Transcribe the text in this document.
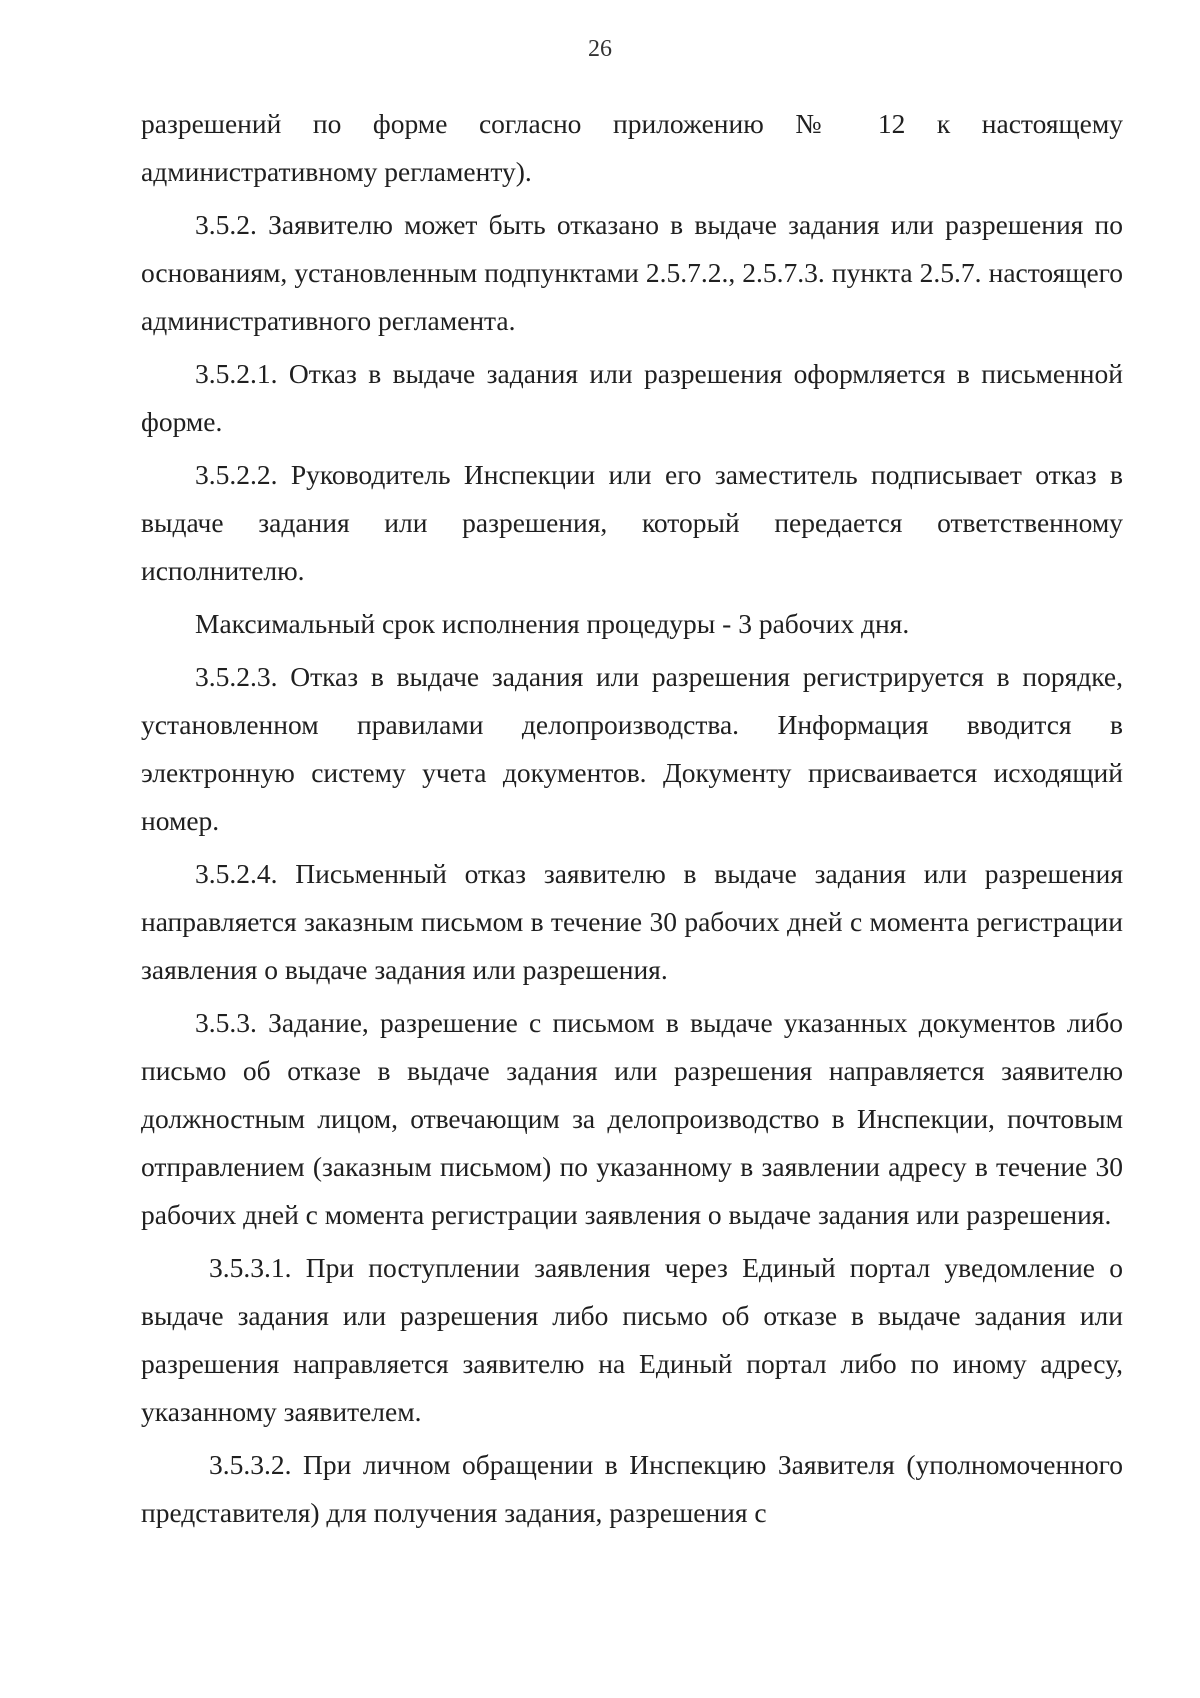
26

разрешений по форме согласно приложению № 12 к настоящему административному регламенту).

3.5.2. Заявителю может быть отказано в выдаче задания или разрешения по основаниям, установленным подпунктами 2.5.7.2., 2.5.7.3. пункта 2.5.7. настоящего административного регламента.

3.5.2.1. Отказ в выдаче задания или разрешения оформляется в письменной форме.

3.5.2.2. Руководитель Инспекции или его заместитель подписывает отказ в выдаче задания или разрешения, который передается ответственному исполнителю.

Максимальный срок исполнения процедуры - 3 рабочих дня.

3.5.2.3. Отказ в выдаче задания или разрешения регистрируется в порядке, установленном правилами делопроизводства. Информация вводится в электронную систему учета документов. Документу присваивается исходящий номер.

3.5.2.4. Письменный отказ заявителю в выдаче задания или разрешения направляется заказным письмом в течение 30 рабочих дней с момента регистрации заявления о выдаче задания или разрешения.

3.5.3. Задание, разрешение с письмом в выдаче указанных документов либо письмо об отказе в выдаче задания или разрешения направляется заявителю должностным лицом, отвечающим за делопроизводство в Инспекции, почтовым отправлением (заказным письмом) по указанному в заявлении адресу в течение 30 рабочих дней с момента регистрации заявления о выдаче задания или разрешения.

3.5.3.1. При поступлении заявления через Единый портал уведомление о выдаче задания или разрешения либо письмо об отказе в выдаче задания или разрешения направляется заявителю на Единый портал либо по иному адресу, указанному заявителем.

3.5.3.2. При личном обращении в Инспекцию Заявителя (уполномоченного представителя) для получения задания, разрешения с
